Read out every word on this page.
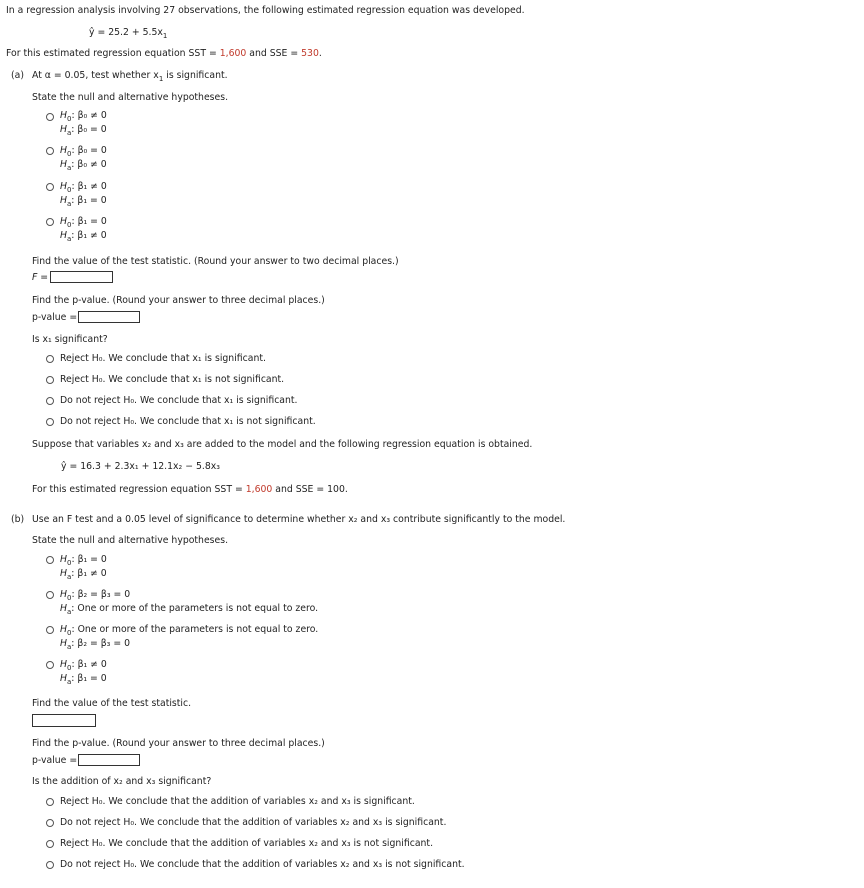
In a regression analysis involving 27 observations, the following estimated regression equation was developed.
ŷ = $25.2 + 5.5x_1$
For this estimated regression equation SST = 1,600 and SSE = 530.
(a) At α = 0.05, test whether $x_1$ is significant.
State the null and alternative hypotheses.
$H_0$: β₀ ≠ 0
$H_a$: β₀ = 0
$H_0$: β₀ = 0
$H_a$: β₀ ≠ 0
$H_0$: β₁ ≠ 0
$H_a$: β₁ = 0
$H_0$: β₁ = 0
$H_a$: β₁ ≠ 0
Find the value of the test statistic. (Round your answer to two decimal places.)
F =
Find the p-value. (Round your answer to three decimal places.)
p-value =
Is x₁ significant?
Reject H₀. We conclude that x₁ is significant.
Reject H₀. We conclude that x₁ is not significant.
Do not reject H₀. We conclude that x₁ is significant.
Do not reject H₀. We conclude that x₁ is not significant.
Suppose that variables x₂ and x₃ are added to the model and the following regression equation is obtained.
ŷ = 16.3 + 2.3x₁ + 12.1x₂ − 5.8x₃
For this estimated regression equation SST = 1,600 and SSE = 100.
(b) Use an F test and a 0.05 level of significance to determine whether x₂ and x₃ contribute significantly to the model.
State the null and alternative hypotheses.
$H_0$: β₁ = 0
$H_a$: β₁ ≠ 0
$H_0$: β₂ = β₃ = 0
$H_a$: One or more of the parameters is not equal to zero.
$H_0$: One or more of the parameters is not equal to zero.
$H_a$: β₂ = β₃ = 0
$H_0$: β₁ ≠ 0
$H_a$: β₁ = 0
Find the value of the test statistic.
Find the p-value. (Round your answer to three decimal places.)
p-value =
Is the addition of x₂ and x₃ significant?
Reject H₀. We conclude that the addition of variables x₂ and x₃ is significant.
Do not reject H₀. We conclude that the addition of variables x₂ and x₃ is significant.
Reject H₀. We conclude that the addition of variables x₂ and x₃ is not significant.
Do not reject H₀. We conclude that the addition of variables x₂ and x₃ is not significant.
